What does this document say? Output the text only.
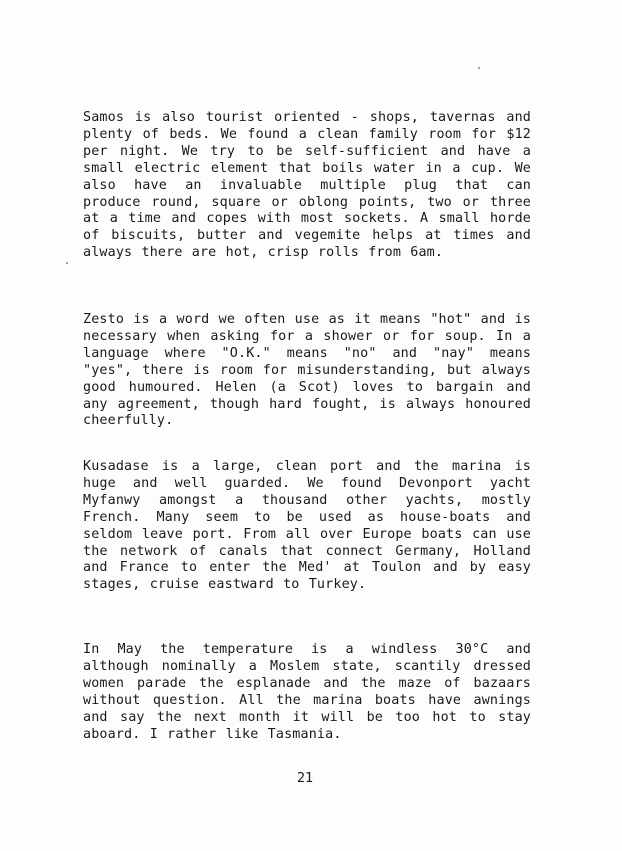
Samos is also tourist oriented - shops, tavernas and plenty of beds. We found a clean family room for $12 per night. We try to be self-sufficient and have a small electric element that boils water in a cup. We also have an invaluable multiple plug that can produce round, square or oblong points, two or three at a time and copes with most sockets. A small horde of biscuits, butter and vegemite helps at times and always there are hot, crisp rolls from 6am.

Zesto is a word we often use as it means "hot" and is necessary when asking for a shower or for soup. In a language where "O.K." means "no" and "nay" means "yes", there is room for misunderstanding, but always good humoured. Helen (a Scot) loves to bargain and any agreement, though hard fought, is always honoured cheerfully.

Kusadase is a large, clean port and the marina is huge and well guarded. We found Devonport yacht Myfanwy amongst a thousand other yachts, mostly French. Many seem to be used as house-boats and seldom leave port. From all over Europe boats can use the network of canals that connect Germany, Holland and France to enter the Med' at Toulon and by easy stages, cruise eastward to Turkey.

In May the temperature is a windless 30°C and although nominally a Moslem state, scantily dressed women parade the esplanade and the maze of bazaars without question. All the marina boats have awnings and say the next month it will be too hot to stay aboard. I rather like Tasmania.

21
